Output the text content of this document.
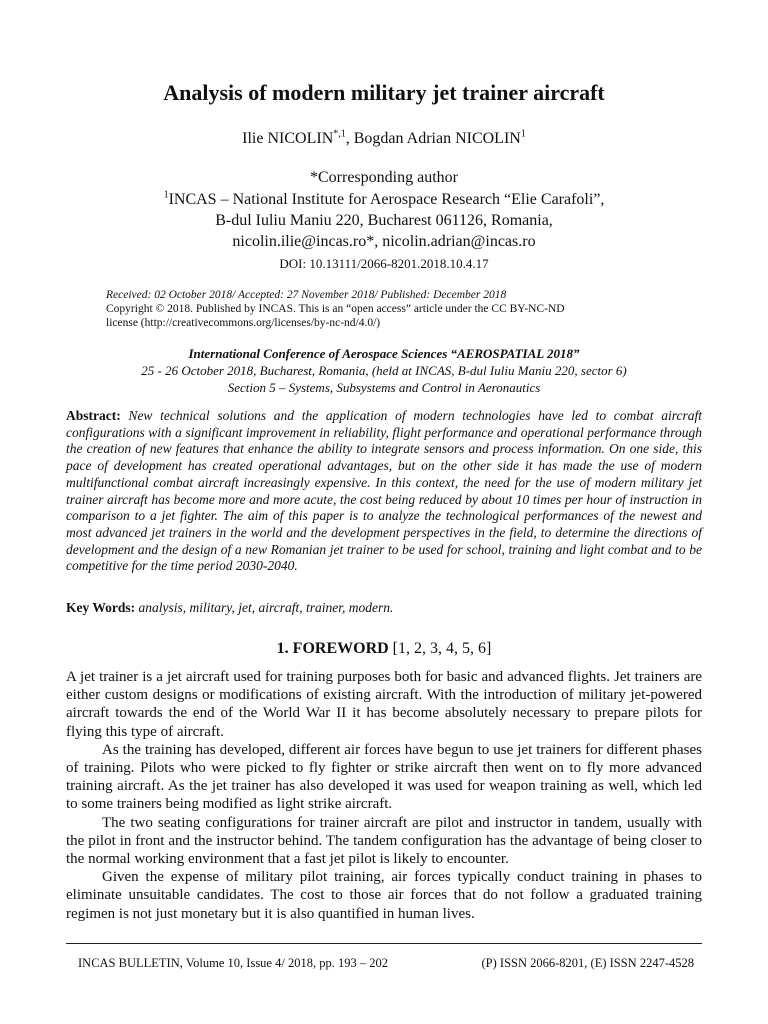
Analysis of modern military jet trainer aircraft
Ilie $NICOLIN^{*,1}$, Bogdan Adrian NICOLIN$^1$
*Corresponding author
$^1$INCAS – National Institute for Aerospace Research “Elie Carafoli”,
B-dul Iuliu Maniu 220, Bucharest 061126, Romania,
nicolin.ilie@incas.ro*, nicolin.adrian@incas.ro
DOI: 10.13111/2066-8201.2018.10.4.17
Received: 02 October 2018/ Accepted: 27 November 2018/ Published: December 2018
Copyright © 2018. Published by INCAS. This is an “open access” article under the CC BY-NC-ND
license (http://creativecommons.org/licenses/by-nc-nd/4.0/)
International Conference of Aerospace Sciences “AEROSPATIAL 2018”
25 - 26 October 2018, Bucharest, Romania, (held at INCAS, B-dul Iuliu Maniu 220, sector 6)
Section 5 – Systems, Subsystems and Control in Aeronautics
Abstract: New technical solutions and the application of modern technologies have led to combat aircraft configurations with a significant improvement in reliability, flight performance and operational performance through the creation of new features that enhance the ability to integrate sensors and process information. On one side, this pace of development has created operational advantages, but on the other side it has made the use of modern multifunctional combat aircraft increasingly expensive. In this context, the need for the use of modern military jet trainer aircraft has become more and more acute, the cost being reduced by about 10 times per hour of instruction in comparison to a jet fighter. The aim of this paper is to analyze the technological performances of the newest and most advanced jet trainers in the world and the development perspectives in the field, to determine the directions of development and the design of a new Romanian jet trainer to be used for school, training and light combat and to be competitive for the time period 2030-2040.
Key Words: analysis, military, jet, aircraft, trainer, modern.
1. FOREWORD [1, 2, 3, 4, 5, 6]

A jet trainer is a jet aircraft used for training purposes both for basic and advanced flights. Jet trainers are either custom designs or modifications of existing aircraft. With the introduction of military jet-powered aircraft towards the end of the World War II it has become absolutely necessary to prepare pilots for flying this type of aircraft.

As the training has developed, different air forces have begun to use jet trainers for different phases of training. Pilots who were picked to fly fighter or strike aircraft then went on to fly more advanced training aircraft. As the jet trainer has also developed it was used for weapon training as well, which led to some trainers being modified as light strike aircraft.

The two seating configurations for trainer aircraft are pilot and instructor in tandem, usually with the pilot in front and the instructor behind. The tandem configuration has the advantage of being closer to the normal working environment that a fast jet pilot is likely to encounter.

Given the expense of military pilot training, air forces typically conduct training in phases to eliminate unsuitable candidates. The cost to those air forces that do not follow a graduated training regimen is not just monetary but it is also quantified in human lives.

INCAS BULLETIN, Volume 10, Issue 4/ 2018, pp. 193 – 202	(P) ISSN 2066-8201, (E) ISSN 2247-4528
